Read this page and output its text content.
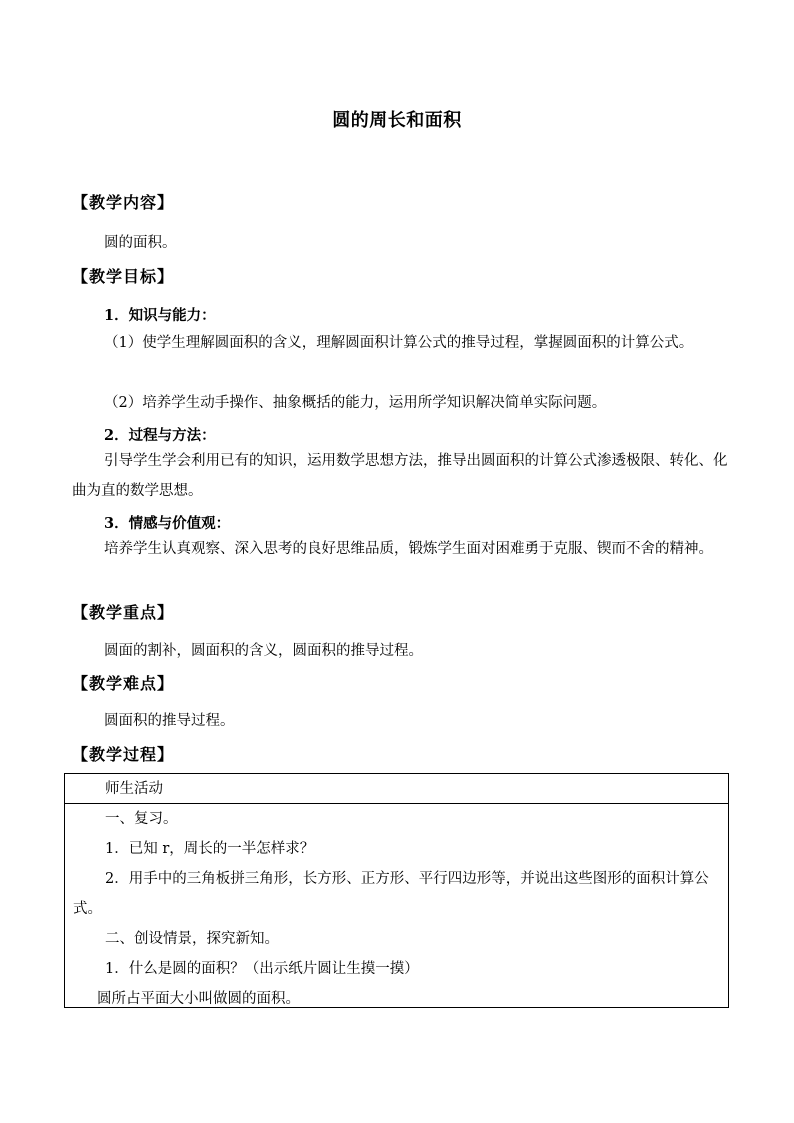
圆的周长和面积
【教学内容】
圆的面积。
【教学目标】
1．知识与能力：
（1）使学生理解圆面积的含义，理解圆面积计算公式的推导过程，掌握圆面积的计算公式。
（2）培养学生动手操作、抽象概括的能力，运用所学知识解决简单实际问题。
2．过程与方法：
引导学生学会利用已有的知识，运用数学思想方法，推导出圆面积的计算公式渗透极限、转化、化曲为直的数学思想。
3．情感与价值观：
培养学生认真观察、深入思考的良好思维品质，锻炼学生面对困难勇于克服、锲而不舍的精神。
【教学重点】
圆面的割补，圆面积的含义，圆面积的推导过程。
【教学难点】
圆面积的推导过程。
【教学过程】
师生活动
一、复习。
1．已知 r，周长的一半怎样求？
2．用手中的三角板拼三角形，长方形、正方形、平行四边形等，并说出这些图形的面积计算公式。
二、创设情景，探究新知。
1．什么是圆的面积？（出示纸片圆让生摸一摸）
圆所占平面大小叫做圆的面积。
